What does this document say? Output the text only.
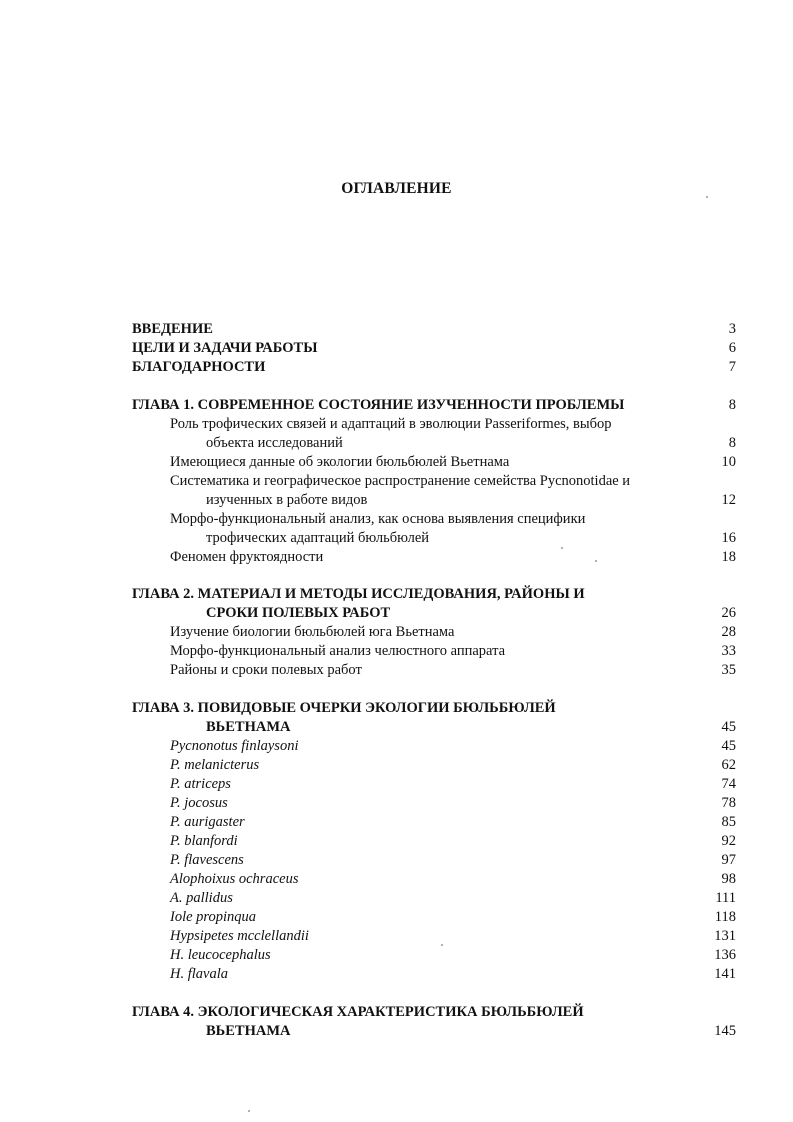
ОГЛАВЛЕНИЕ
ВВЕДЕНИЕ	3
ЦЕЛИ И ЗАДАЧИ РАБОТЫ	6
БЛАГОДАРНОСТИ	7
ГЛАВА 1. СОВРЕМЕННОЕ СОСТОЯНИЕ ИЗУЧЕННОСТИ ПРОБЛЕМЫ	8
Роль трофических связей и адаптаций в эволюции Passeriformes, выбор
объекта исследований	8
Имеющиеся данные об экологии бюльбюлей Вьетнама	10
Систематика и географическое распространение семейства Pycnonotidae и
изученных в работе видов	12
Морфо-функциональный анализ, как основа выявления специфики
трофических адаптаций бюльбюлей	16
Феномен фруктоядности	18
ГЛАВА 2. МАТЕРИАЛ И МЕТОДЫ ИССЛЕДОВАНИЯ, РАЙОНЫ И
СРОКИ ПОЛЕВЫХ РАБОТ	26
Изучение биологии бюльбюлей юга Вьетнама	28
Морфо-функциональный анализ челюстного аппарата	33
Районы и сроки полевых работ	35
ГЛАВА 3. ПОВИДОВЫЕ ОЧЕРКИ ЭКОЛОГИИ БЮЛЬБЮЛЕЙ
ВЬЕТНАМА	45
Pycnonotus finlaysoni	45
P. melanicterus	62
P. atriceps	74
P. jocosus	78
P. aurigaster	85
P. blanfordi	92
P. flavescens	97
Alophoixus ochraceus	98
A. pallidus	111
Iole propinqua	118
Hypsipetes mcclellandii	131
H. leucocephalus	136
H. flavala	141
ГЛАВА 4. ЭКОЛОГИЧЕСКАЯ ХАРАКТЕРИСТИКА БЮЛЬБЮЛЕЙ
ВЬЕТНАМА	145
